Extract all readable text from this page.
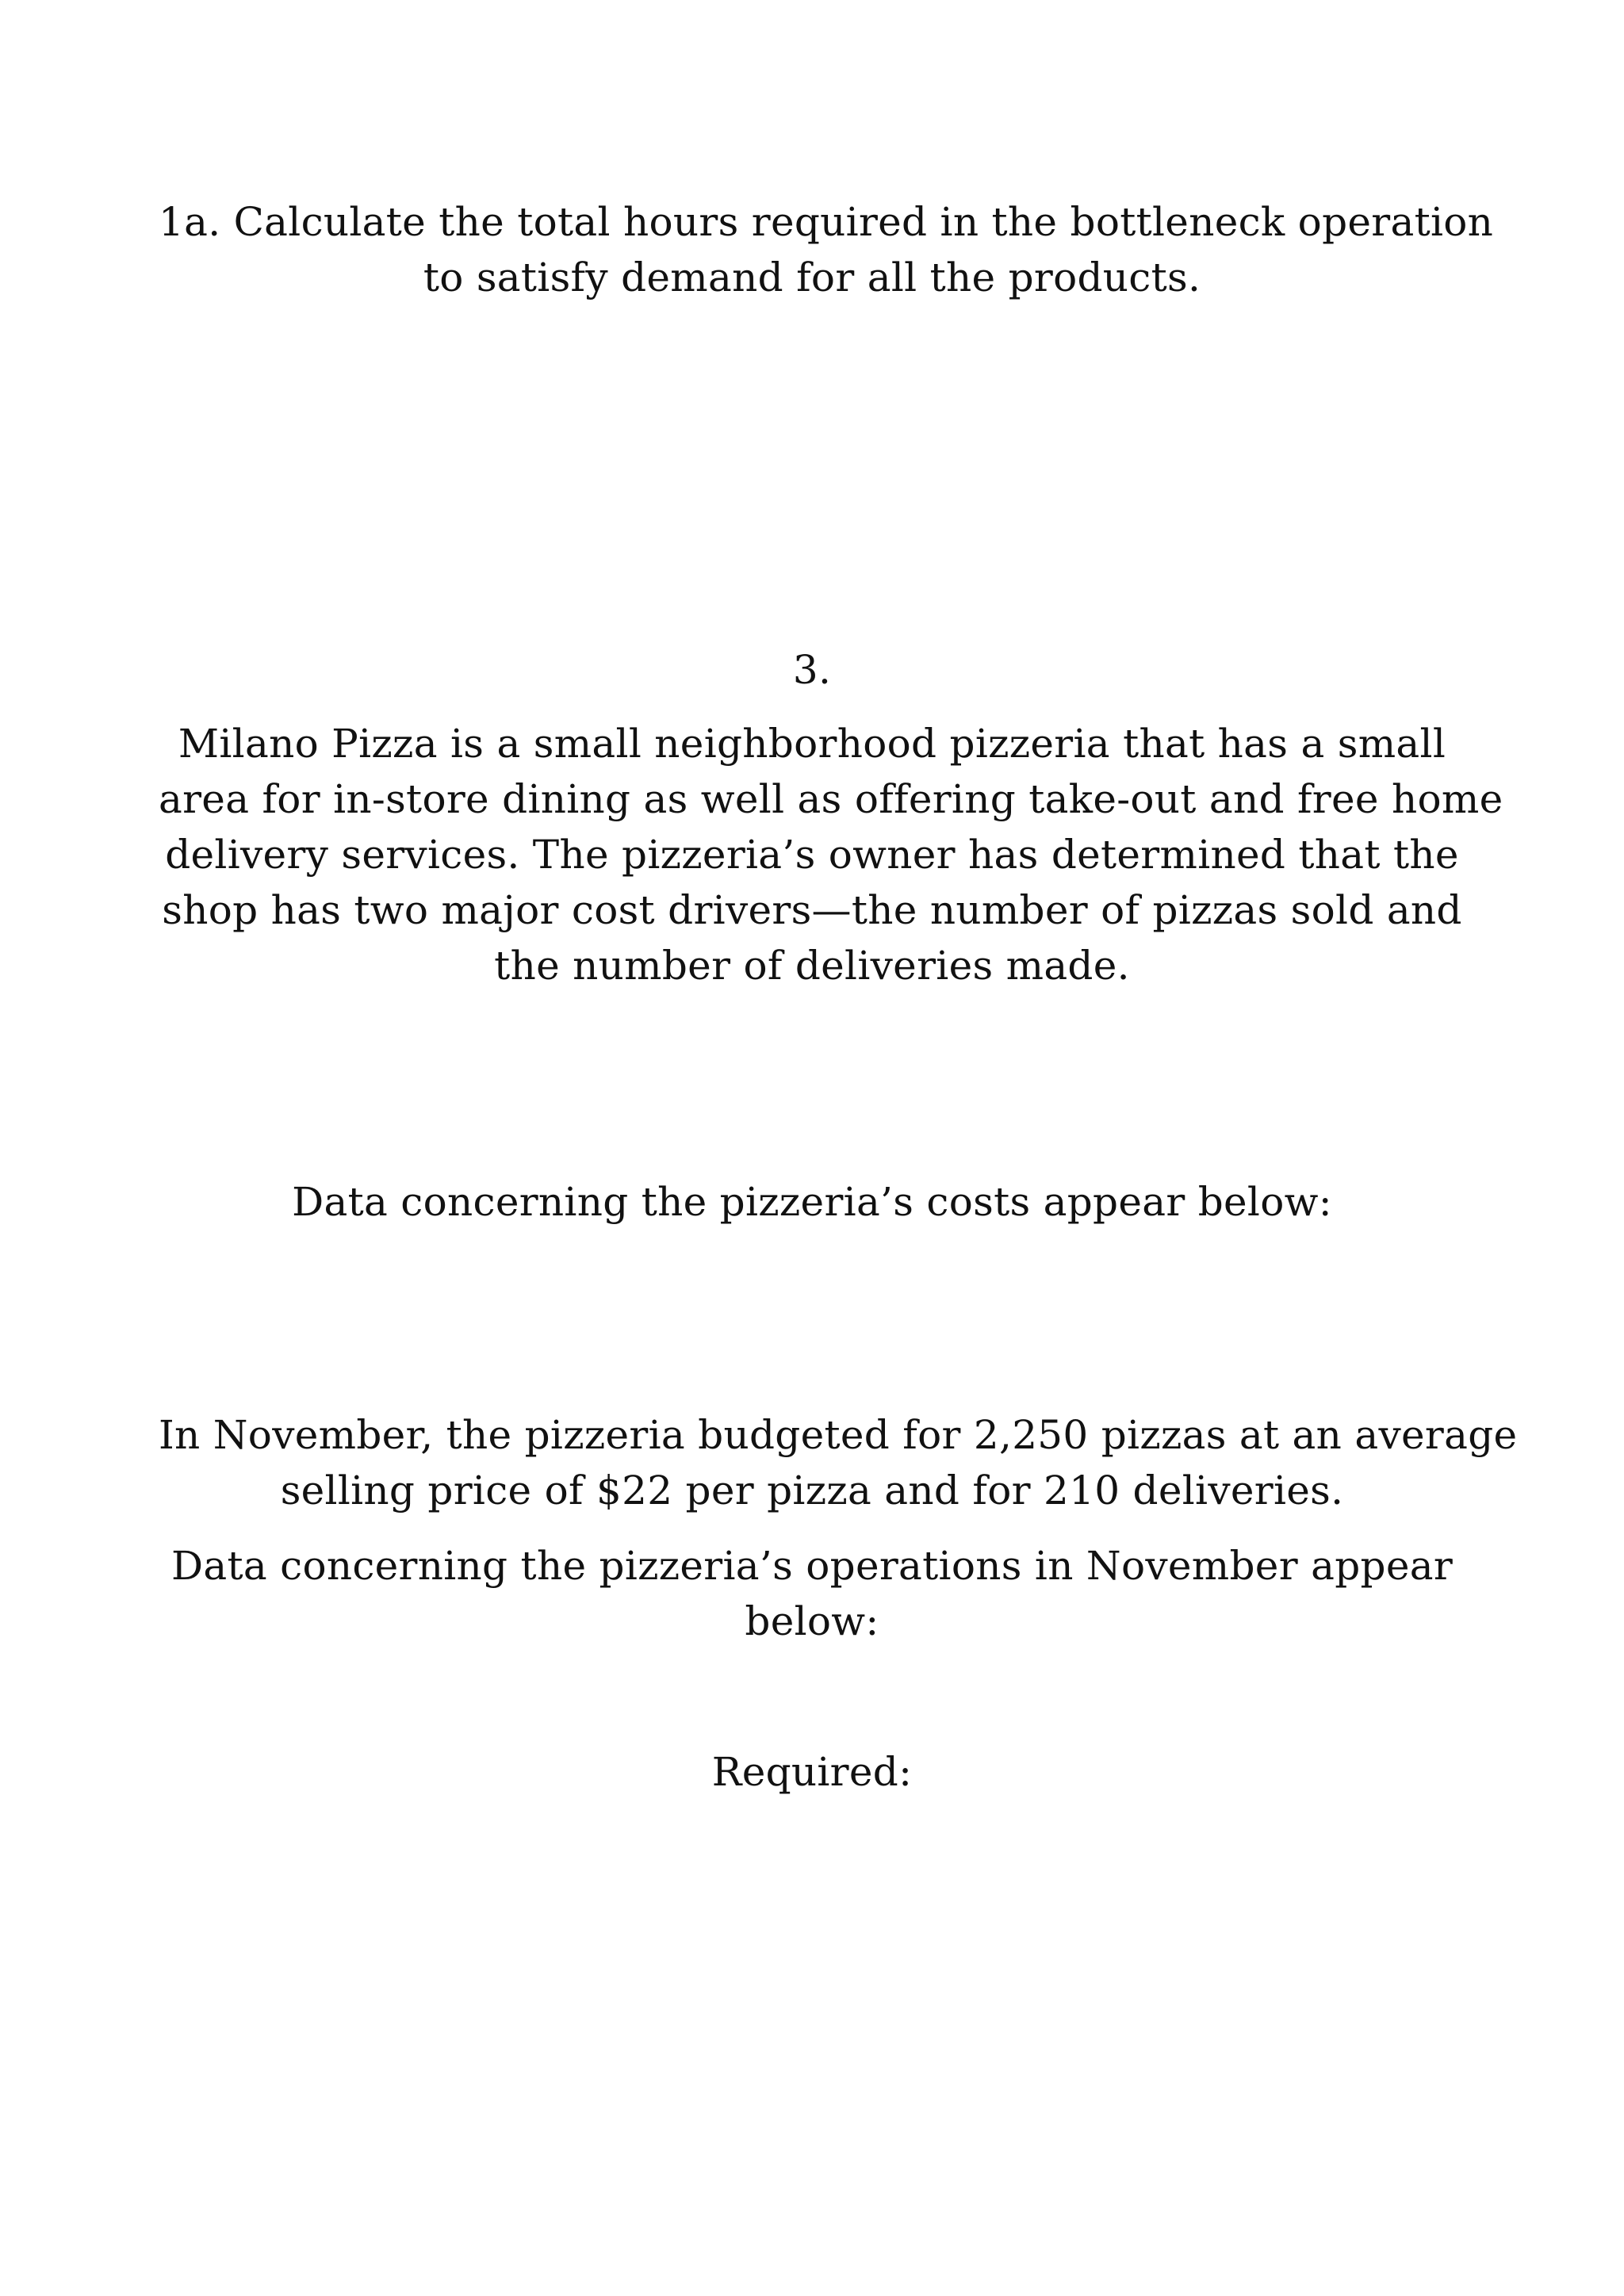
1a. Calculate the total hours required in the bottleneck operation
to satisfy demand for all the products.
3.
Milano Pizza is a small neighborhood pizzeria that has a small
area for in-store dining as well as offering take-out and free home
delivery services. The pizzeria’s owner has determined that the
shop has two major cost drivers—the number of pizzas sold and
the number of deliveries made.
Data concerning the pizzeria’s costs appear below:
In November, the pizzeria budgeted for 2,250 pizzas at an average
selling price of $22 per pizza and for 210 deliveries.
Data concerning the pizzeria’s operations in November appear
below:
Required:
